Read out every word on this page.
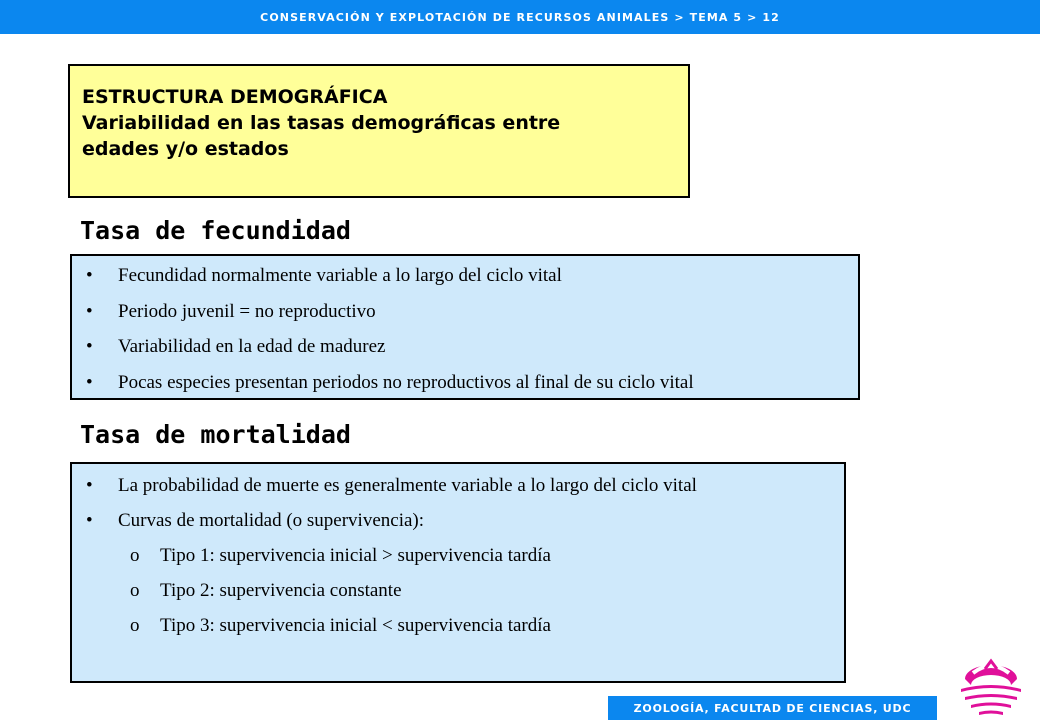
CONSERVACIÓN Y EXPLOTACIÓN DE RECURSOS ANIMALES > TEMA 5 > 12
ESTRUCTURA DEMOGRÁFICA
Variabilidad en las tasas demográficas entre
edades y/o estados
Tasa de fecundidad
• Fecundidad normalmente variable a lo largo del ciclo vital
• Periodo juvenil = no reproductivo
• Variabilidad en la edad de madurez
• Pocas especies presentan periodos no reproductivos al final de su ciclo vital
Tasa de mortalidad
• La probabilidad de muerte es generalmente variable a lo largo del ciclo vital
• Curvas de mortalidad (o supervivencia):
o Tipo 1: supervivencia inicial > supervivencia tardía
o Tipo 2: supervivencia constante
o Tipo 3: supervivencia inicial < supervivencia tardía
ZOOLOGÍA, FACULTAD DE CIENCIAS, UDC
